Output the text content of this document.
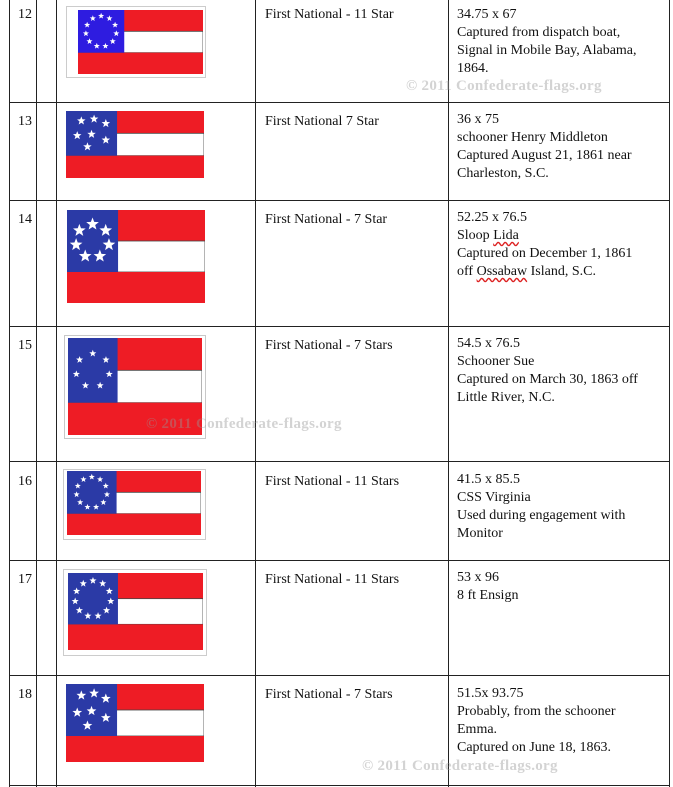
12	First National - 11 Star	34.75 x 67
Captured from dispatch boat,
Signal in Mobile Bay, Alabama,
1864.
© 2011 Confederate-flags.org
13	First National 7 Star	36 x 75
schooner Henry Middleton
Captured August 21, 1861 near
Charleston, S.C.
14	First National - 7 Star	52.25 x 76.5
Sloop Lida
Captured on December 1, 1861
off Ossabaw Island, S.C.
15	First National - 7 Stars	54.5 x 76.5
Schooner Sue
Captured on March 30, 1863 off
Little River, N.C.
© 2011 Confederate-flags.org
16	First National - 11 Stars	41.5 x 85.5
CSS Virginia
Used during engagement with
Monitor
17	First National - 11 Stars	53 x 96
8 ft Ensign
18	First National - 7 Stars	51.5x 93.75
Probably, from the schooner
Emma.
Captured on June 18, 1863.
© 2011 Confederate-flags.org
